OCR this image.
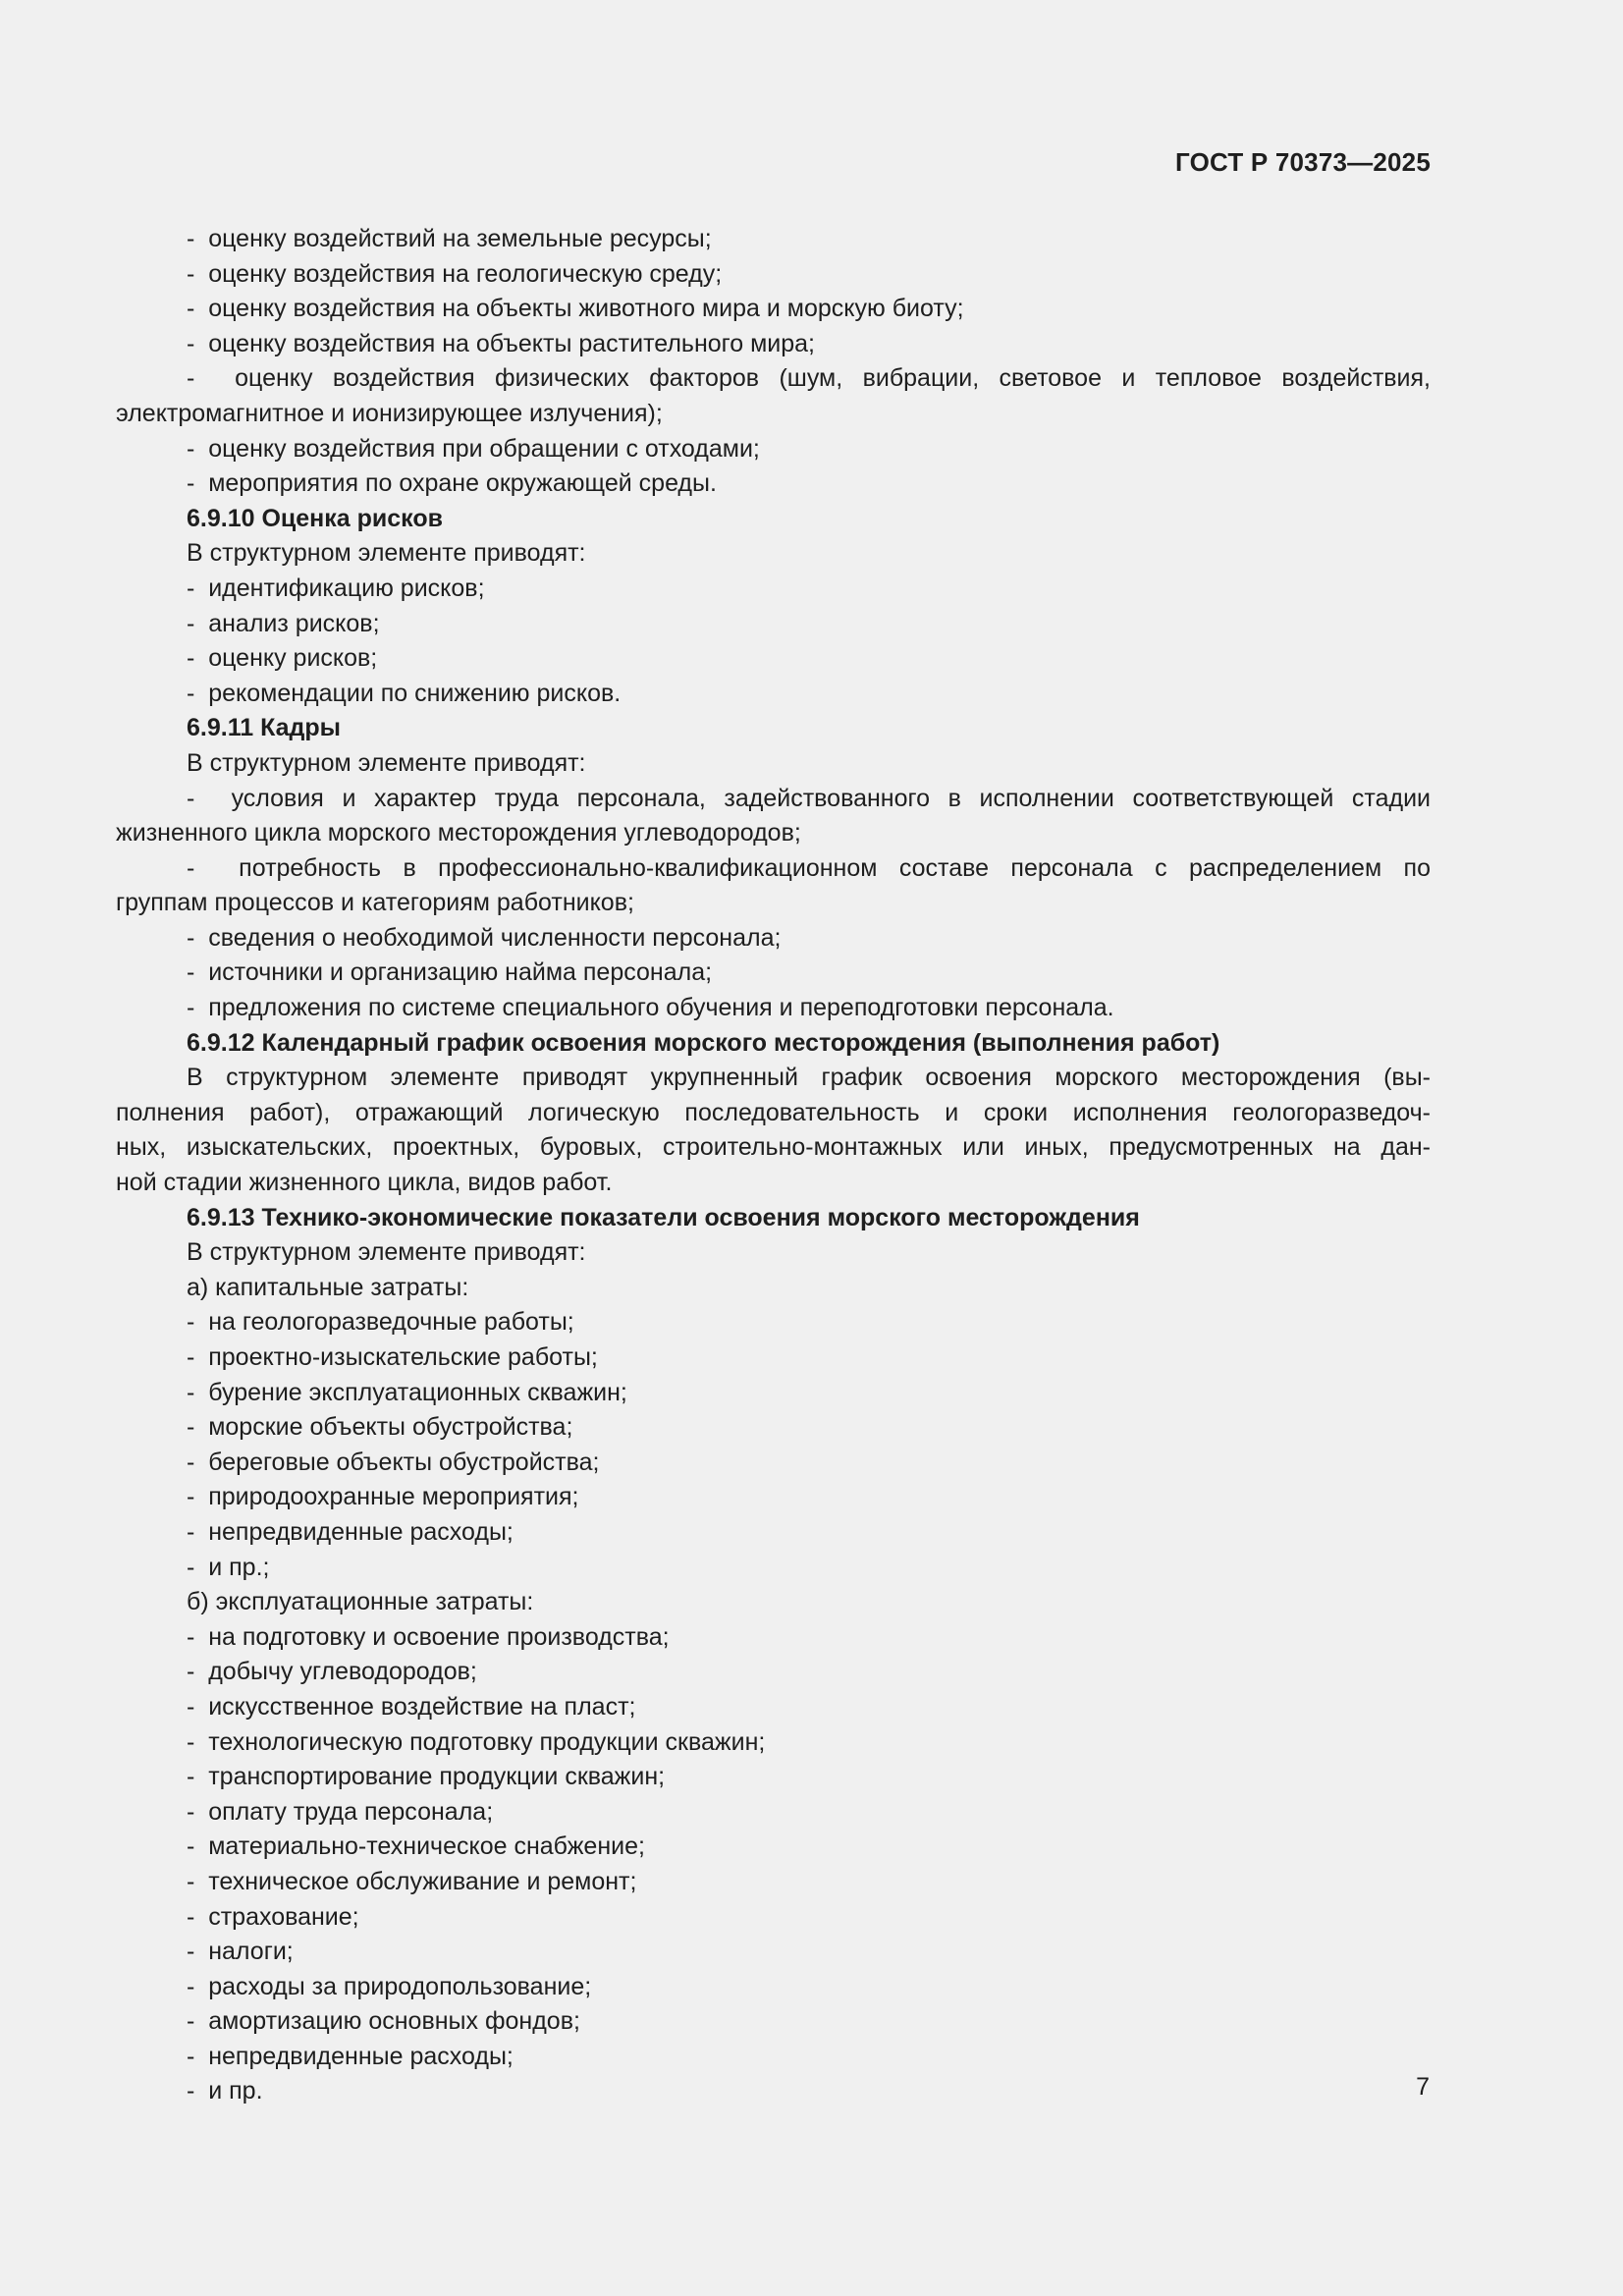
ГОСТ Р 70373—2025

-  оценку воздействий на земельные ресурсы;

-  оценку воздействия на геологическую среду;

-  оценку воздействия на объекты животного мира и морскую биоту;

-  оценку воздействия на объекты растительного мира;

-  оценку воздействия физических факторов (шум, вибрации, световое и тепловое воздействия,

электромагнитное и ионизирующее излучения);

-  оценку воздействия при обращении с отходами;

-  мероприятия по охране окружающей среды.

6.9.10 Оценка рисков

В структурном элементе приводят:

-  идентификацию рисков;

-  анализ рисков;

-  оценку рисков;

-  рекомендации по снижению рисков.

6.9.11 Кадры

В структурном элементе приводят:

-  условия и характер труда персонала, задействованного в исполнении соответствующей стадии

жизненного цикла морского месторождения углеводородов;

-  потребность в профессионально-квалификационном составе персонала с распределением по

группам процессов и категориям работников;

-  сведения о необходимой численности персонала;

-  источники и организацию найма персонала;

-  предложения по системе специального обучения и переподготовки персонала.

6.9.12 Календарный график освоения морского месторождения (выполнения работ)

В структурном элементе приводят укрупненный график освоения морского месторождения (вы-

полнения работ), отражающий логическую последовательность и сроки исполнения геологоразведоч-

ных, изыскательских, проектных, буровых, строительно-монтажных или иных, предусмотренных на дан-

ной стадии жизненного цикла, видов работ.

6.9.13 Технико-экономические показатели освоения морского месторождения

В структурном элементе приводят:

а) капитальные затраты:

-  на геологоразведочные работы;

-  проектно-изыскательские работы;

-  бурение эксплуатационных скважин;

-  морские объекты обустройства;

-  береговые объекты обустройства;

-  природоохранные мероприятия;

-  непредвиденные расходы;

-  и пр.;

б) эксплуатационные затраты:

-  на подготовку и освоение производства;

-  добычу углеводородов;

-  искусственное воздействие на пласт;

-  технологическую подготовку продукции скважин;

-  транспортирование продукции скважин;

-  оплату труда персонала;

-  материально-техническое снабжение;

-  техническое обслуживание и ремонт;

-  страхование;

-  налоги;

-  расходы за природопользование;

-  амортизацию основных фондов;

-  непредвиденные расходы;

-  и пр.	7
